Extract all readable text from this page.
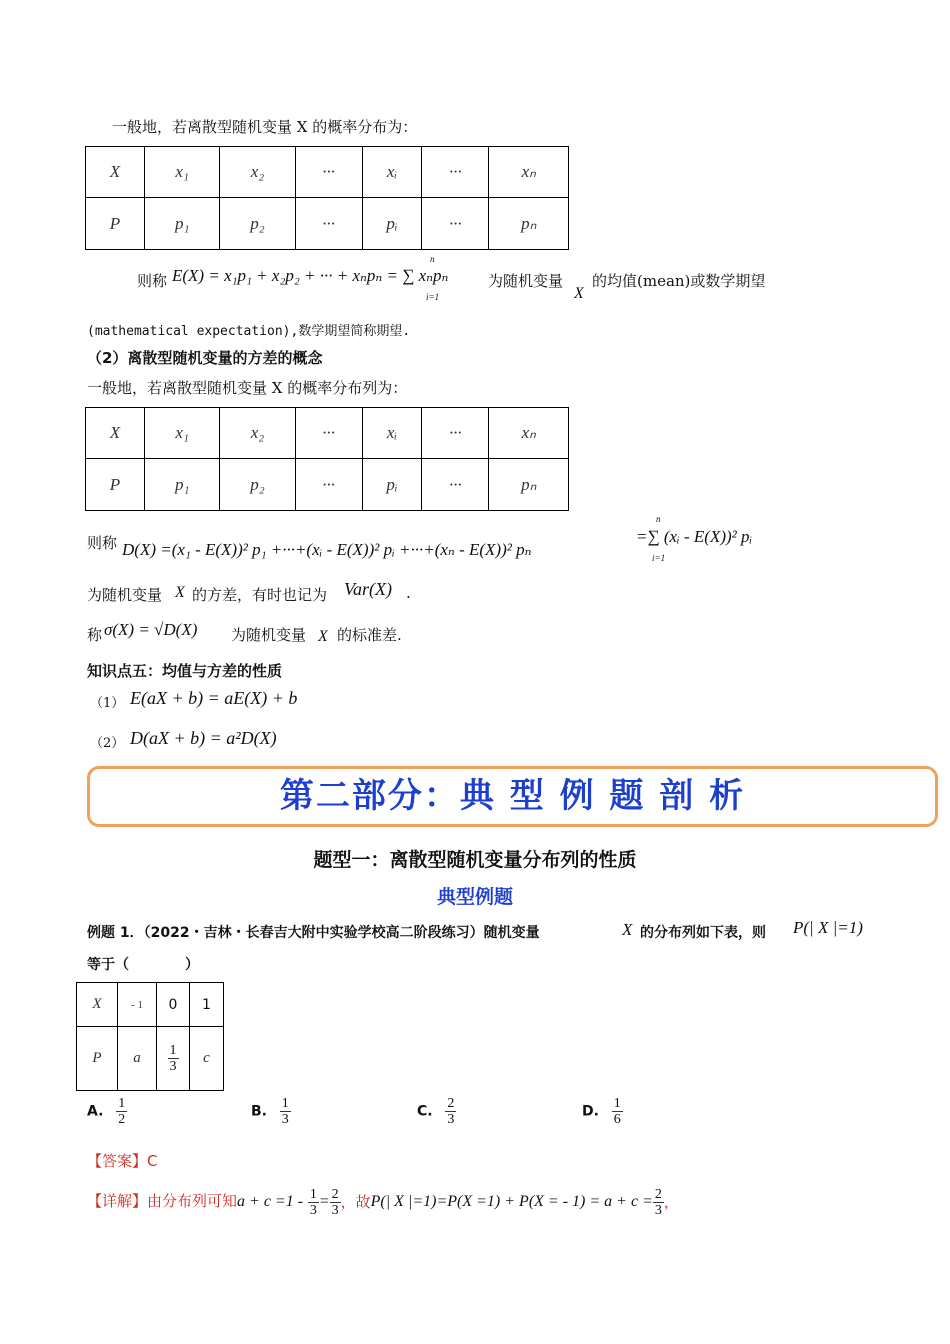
一般地，若离散型随机变量 X 的概率分布为：
X	x₁	x₂	···	xᵢ	···	xₙ
P	p₁	p₂	···	pᵢ	···	pₙ
则称 E(X) = x₁p₁ + x₂p₂ + ··· + xₙpₙ = ∑ xₙpₙ
n
i=1
为随机变量
X
的均值(mean)或数学期望
(mathematical expectation),数学期望简称期望.
（2）离散型随机变量的方差的概念
一般地，若离散型随机变量 X 的概率分布列为：
X	x₁	x₂	···	xᵢ	···	xₙ
P	p₁	p₂	···	pᵢ	···	pₙ
则称 D(X) =(x₁ - E(X))² p₁ +···+(xᵢ - E(X))² pᵢ +···+(xₙ - E(X))² pₙ
=∑ (xᵢ - E(X))² pᵢ
n
i=1
为随机变量 X 的方差，有时也记为 Var(X) .
称 σ(X) = √D(X) 为随机变量 X 的标准差.
知识点五：均值与方差的性质
（1） E(aX + b) = aE(X) + b
（2） D(aX + b) = a²D(X)
第二部分：典 型 例 题 剖 析
题型一：离散型随机变量分布列的性质
典型例题
例题 1．（2022・吉林・长春吉大附中实验学校高二阶段练习）随机变量	X 的分布列如下表，则 P(| X |=1)
等于（　　　　）
X	- 1	0	1
P	a	$\frac{1}{3}$	c
A. $\frac{1}{2}$	B. $\frac{1}{3}$	C. $\frac{2}{3}$	D. $\frac{1}{6}$
【答案】C
【详解】由分布列可知$a + c =1 - \frac{1}{3} = \frac{2}{3}$ ，故P(| X |=1)=P(X =1) + P(X = - $1) = a + c = \frac{2}{3}$ ，
